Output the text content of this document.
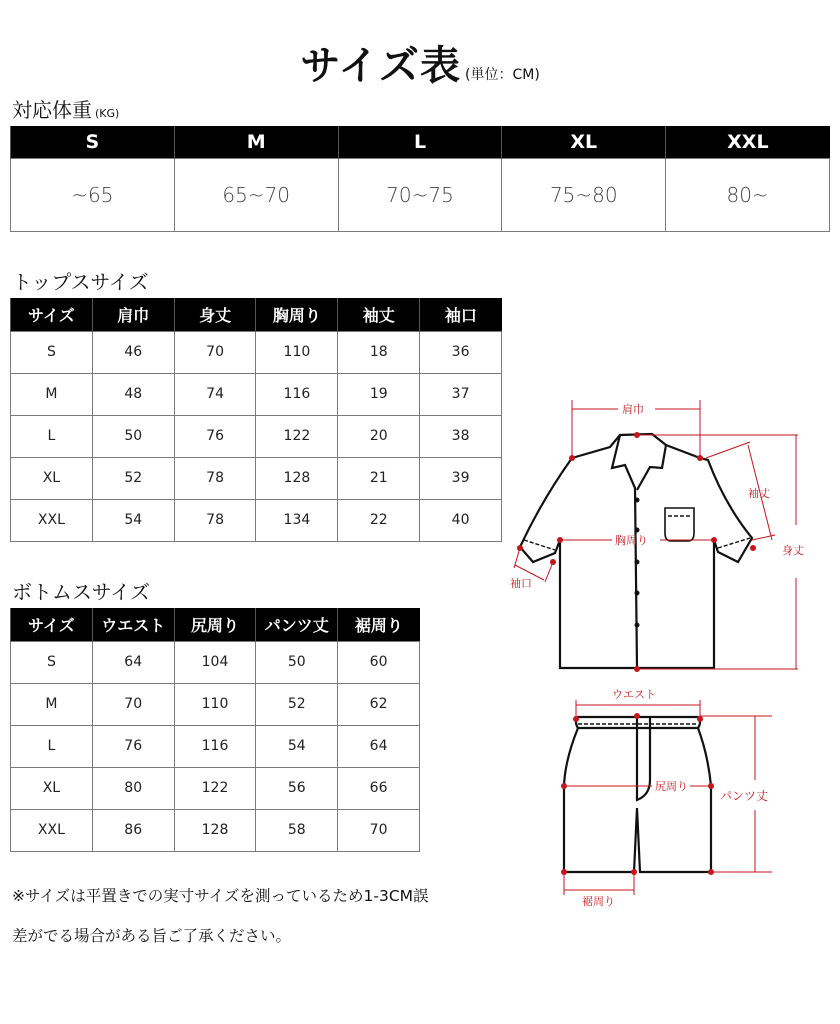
サイズ表 (単位：CM)
対応体重 (KG)
S	M	L	XL	XXL
~65	65~70	70~75	75~80	80~
トップスサイズ
サイズ	肩巾	身丈	胸周り	袖丈	袖口
S	46	70	110	18	36
M	48	74	116	19	37
L	50	76	122	20	38
XL	52	78	128	21	39
XXL	54	78	134	22	40
ボトムスサイズ
サイズ	ウエスト	尻周り	パンツ丈	裾周り
S	64	104	50	60
M	70	110	52	62
L	76	116	54	64
XL	80	122	56	66
XXL	86	128	58	70
※サイズは平置きでの実寸サイズを測っているため1-3CM誤
差がでる場合がある旨ご了承ください。
肩巾
袖丈
胸周り
身丈
袖口
ウエスト
尻周り
パンツ丈
裾周り
